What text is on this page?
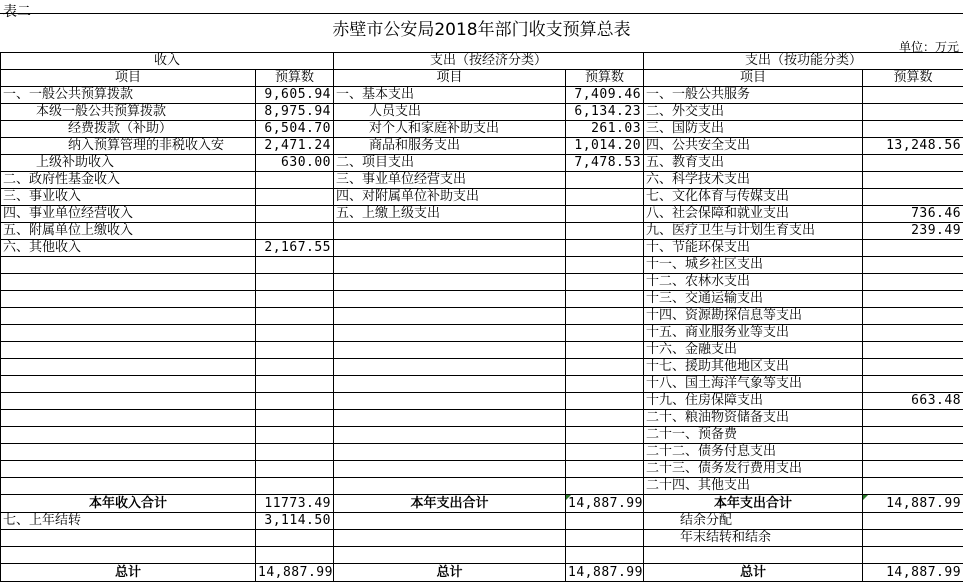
表二
赤壁市公安局2018年部门收支预算总表
单位：万元
收入		支出（按经济分类）		支出（按功能分类）	
项目	预算数	项目	预算数	项目	预算数
一、一般公共预算拨款	9,605.94	一、基本支出	7,409.46	一、一般公共服务	
本级一般公共预算拨款	8,975.94	人员支出	6,134.23	二、外交支出	
经费拨款（补助）	6,504.70	对个人和家庭补助支出	261.03	三、国防支出	
纳入预算管理的非税收入安	2,471.24	商品和服务支出	1,014.20	四、公共安全支出	13,248.56
上级补助收入	630.00	二、项目支出	7,478.53	五、教育支出	
二、政府性基金收入		三、事业单位经营支出		六、科学技术支出	
三、事业收入		四、对附属单位补助支出		七、文化体育与传媒支出	
四、事业单位经营收入		五、上缴上级支出		八、社会保障和就业支出	736.46
五、附属单位上缴收入				九、医疗卫生与计划生育支出	239.49
六、其他收入	2,167.55			十、节能环保支出	
				十一、城乡社区支出	
				十二、农林水支出	
				十三、交通运输支出	
				十四、资源勘探信息等支出	
				十五、商业服务业等支出	
				十六、金融支出	
				十七、援助其他地区支出	
				十八、国土海洋气象等支出	
				十九、住房保障支出	663.48
				二十、粮油物资储备支出	
				二十一、预备费	
				二十二、债务付息支出	
				二十三、债务发行费用支出	
				二十四、其他支出	
本年收入合计	11773.49	本年支出合计	14,887.99	本年支出合计	14,887.99
七、上年结转	3,114.50			结余分配	
				年末结转和结余	

总计	14,887.99	总计	14,887.99	总计	14,887.99
